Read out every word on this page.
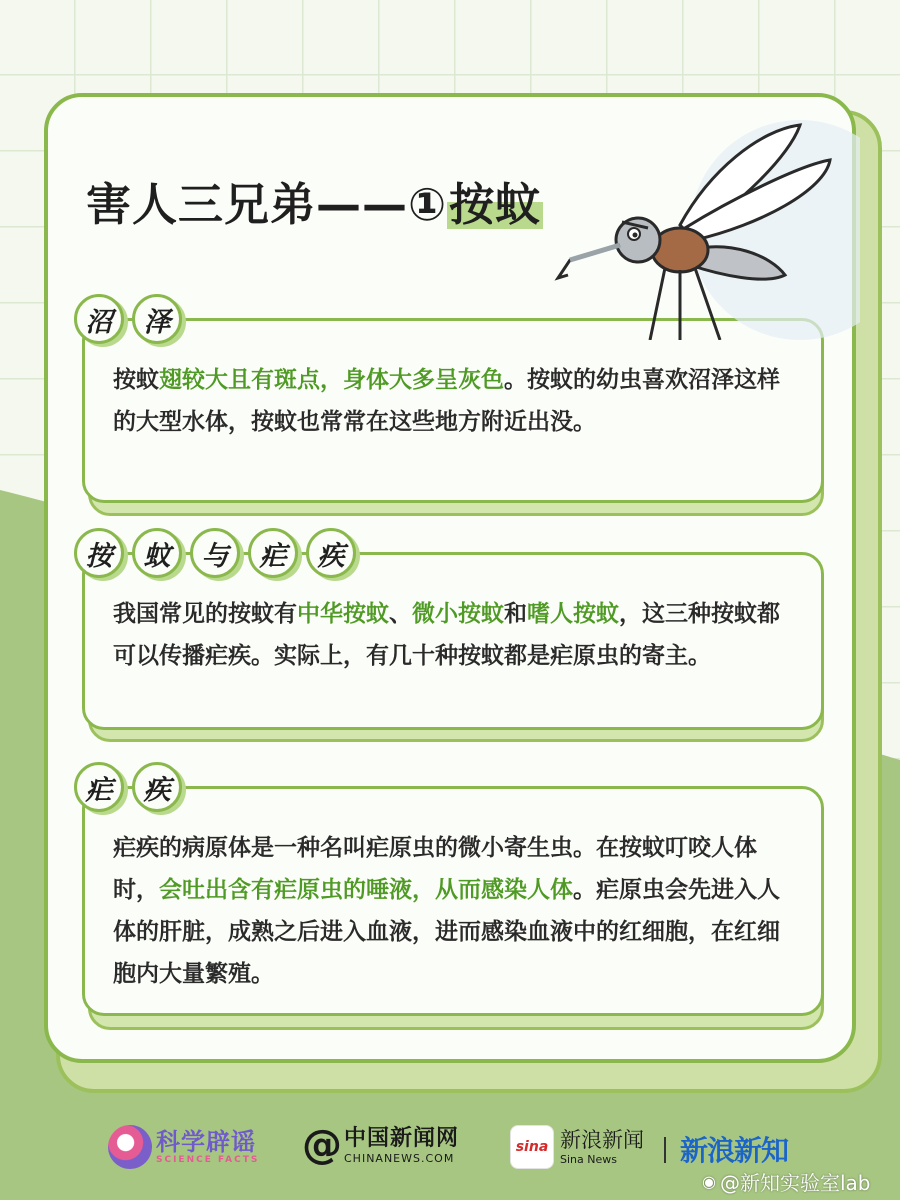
害人三兄弟——①按蚊
按蚊翅较大且有斑点，身体大多呈灰色。按蚊的幼虫喜欢沼泽这样的大型水体，按蚊也常常在这些地方附近出没。
沼	泽
我国常见的按蚊有中华按蚊、微小按蚊和嗜人按蚊，这三种按蚊都可以传播疟疾。实际上，有几十种按蚊都是疟原虫的寄主。
按	蚊	与	疟	疾
疟疾的病原体是一种名叫疟原虫的微小寄生虫。在按蚊叮咬人体时，会吐出含有疟原虫的唾液，从而感染人体。疟原虫会先进入人体的肝脏，成熟之后进入血液，进而感染血液中的红细胞，在红细胞内大量繁殖。
疟	疾
科学辟谣
SCIENCE FACTS @ 中国新闻网
CHINANEWS.COM
sina 新浪新闻
Sina News	新浪新知
◉ @新知实验室lab
